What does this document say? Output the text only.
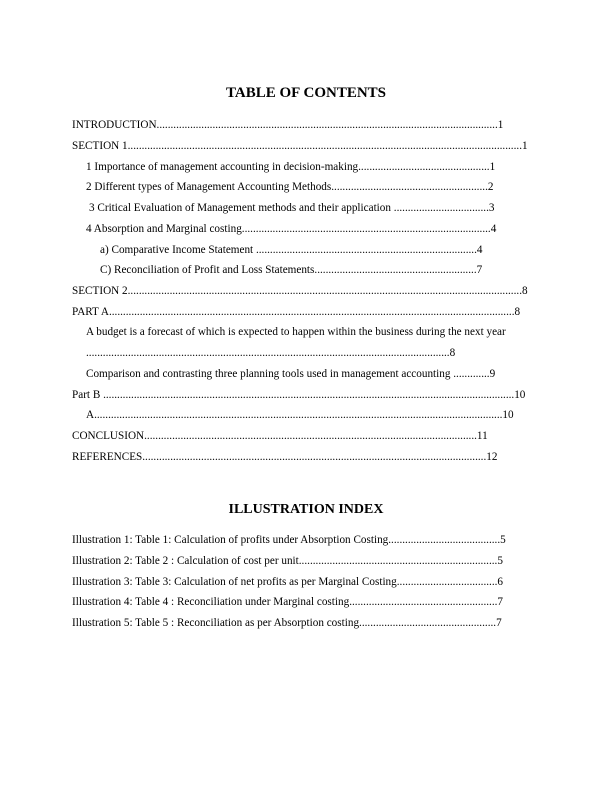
TABLE OF CONTENTS
INTRODUCTION..........................................................................................................................1
SECTION 1.............................................................................................................................................1
1 Importance of management accounting in decision-making...............................................1
2 Different types of Management Accounting Methods........................................................2
3 Critical Evaluation of Management methods and their application ..................................3
4 Absorption and Marginal costing.........................................................................................4
a) Comparative Income Statement ...............................................................................4
C) Reconciliation of Profit and Loss Statements..........................................................7
SECTION 2.............................................................................................................................................8
PART A.................................................................................................................................................8
A budget is a forecast of which is expected to happen within the business during the next year
..................................................................................................................................8
Comparison and contrasting three planning tools used in management accounting .............9
Part B ...................................................................................................................................................10
A..................................................................................................................................................10
CONCLUSION.......................................................................................................................11
REFERENCES...........................................................................................................................12
ILLUSTRATION INDEX
Illustration 1: Table 1: Calculation of profits under Absorption Costing........................................5
Illustration 2: Table 2 : Calculation of cost per unit.......................................................................5
Illustration 3: Table 3: Calculation of net profits as per Marginal Costing....................................6
Illustration 4: Table 4 : Reconciliation under Marginal costing.....................................................7
Illustration 5: Table 5 : Reconciliation as per Absorption costing.................................................7
